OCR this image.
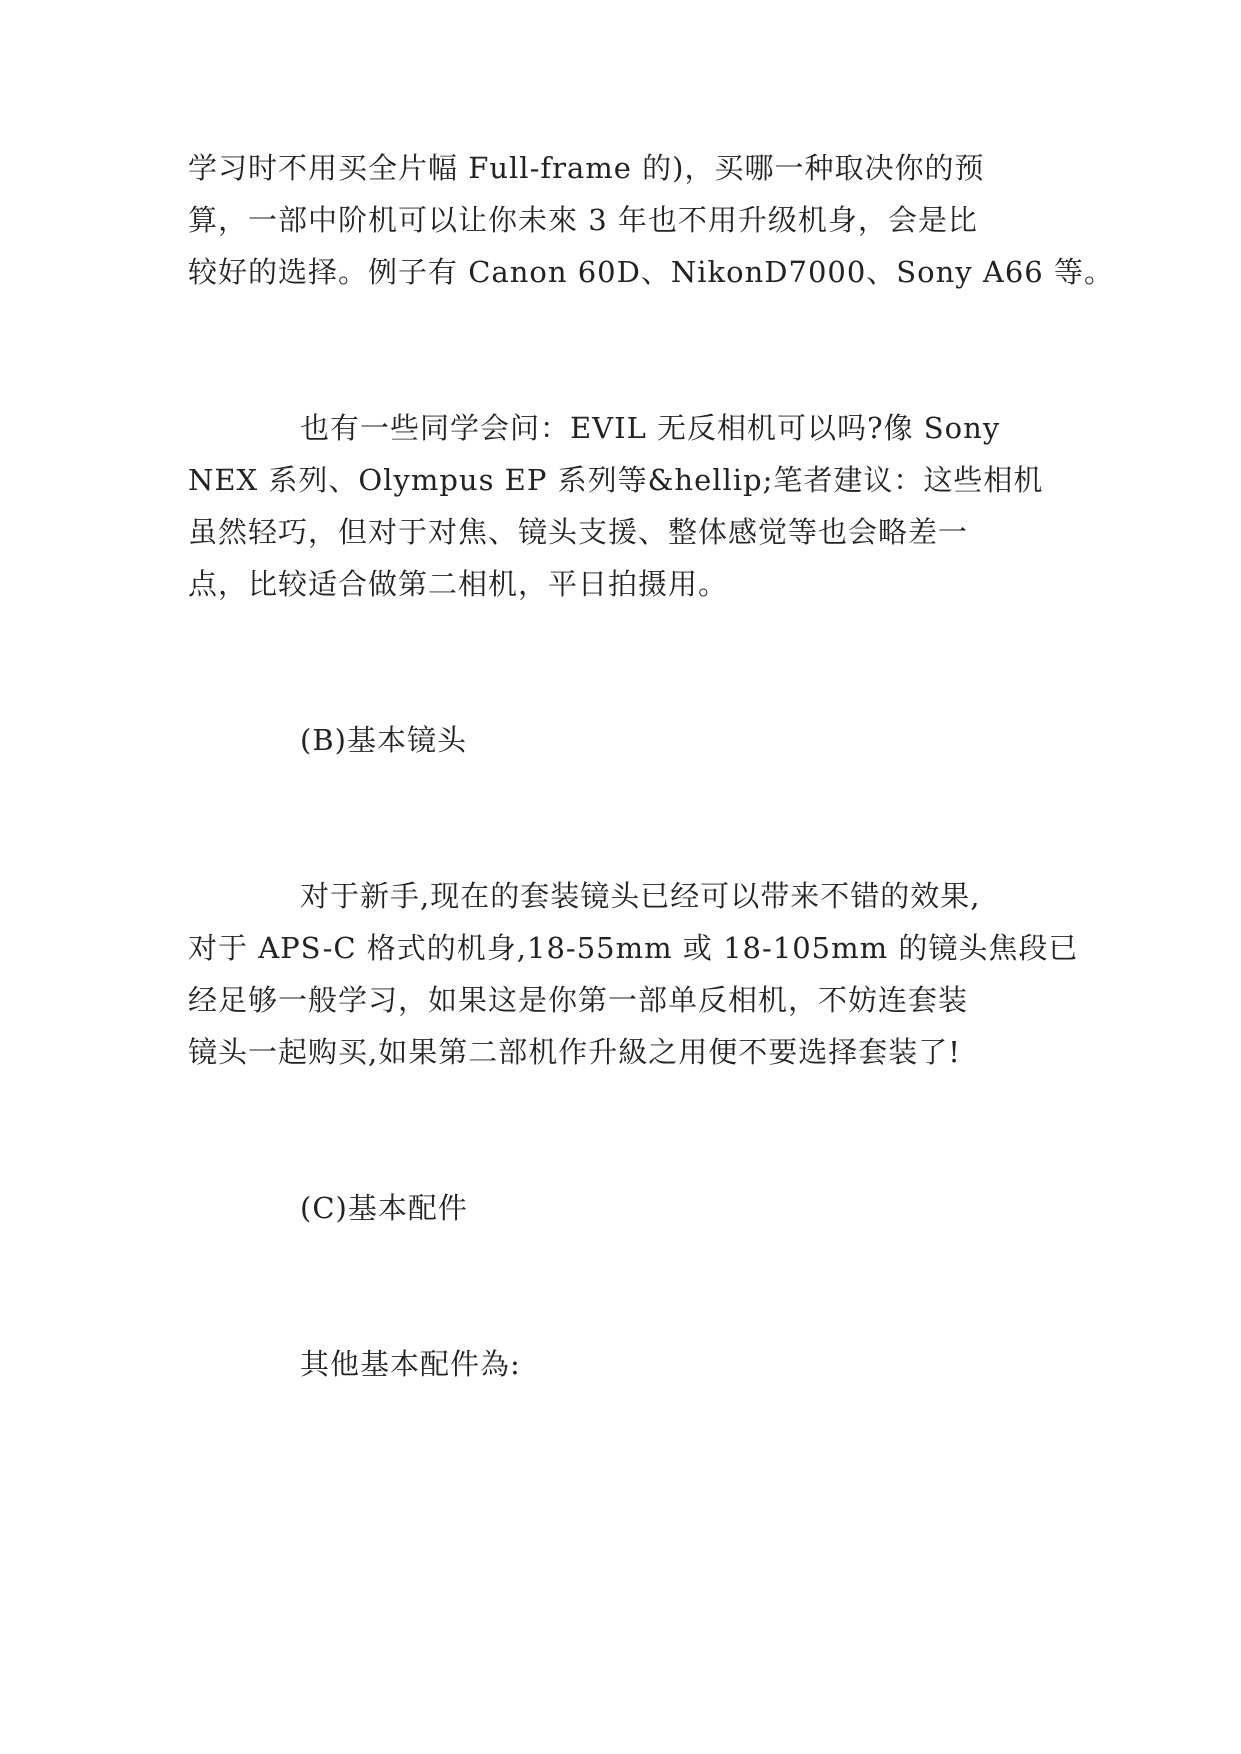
学习时不用买全片幅 Full-frame 的)，买哪一种取决你的预
算，一部中阶机可以让你未來 3 年也不用升级机身，会是比
较好的选择。例子有 Canon 60D、NikonD7000、Sony A66 等。
也有一些同学会问：EVIL 无反相机可以吗?像 Sony
NEX 系列、Olympus EP 系列等&hellip;笔者建议：这些相机
虽然轻巧，但对于对焦、镜头支援、整体感觉等也会略差一
点，比较适合做第二相机，平日拍摄用。
(B)基本镜头
对于新手,现在的套装镜头已经可以带来不错的效果,
对于 APS-C 格式的机身,18-55mm 或 18-105mm 的镜头焦段已
经足够一般学习，如果这是你第一部单反相机，不妨连套装
镜头一起购买,如果第二部机作升級之用便不要选择套装了!
(C)基本配件
其他基本配件為:
